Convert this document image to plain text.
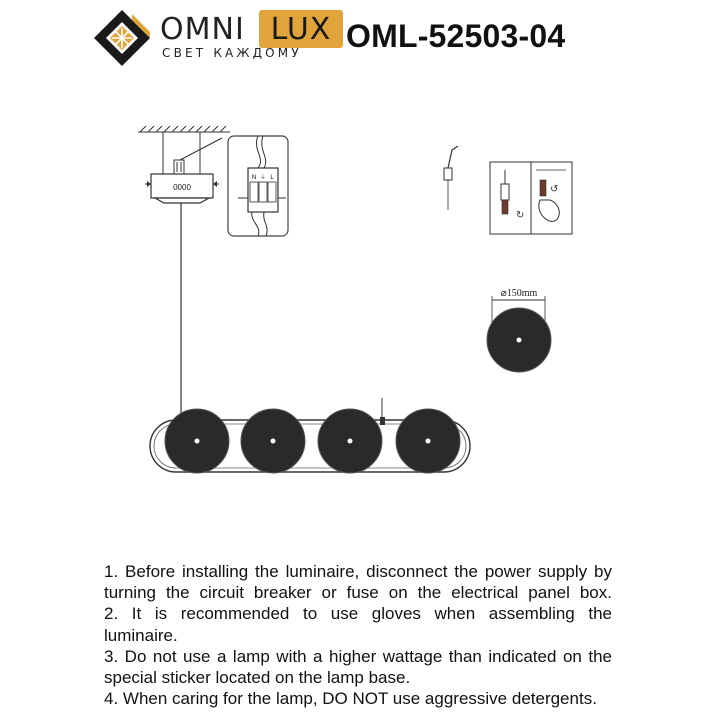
OMNI LUX
СВЕТ КАЖДОМУ OML-52503-04
0000
N ⏚ L
↻
↺
⌀150mm

1. Before installing the luminaire, disconnect the power supply by

turning the circuit breaker or fuse on the electrical panel box.

2. It is recommended to use gloves when assembling the

luminaire.

3. Do not use a lamp with a higher wattage than indicated on the

special sticker located on the lamp base.

4. When caring for the lamp, DO NOT use aggressive detergents.
